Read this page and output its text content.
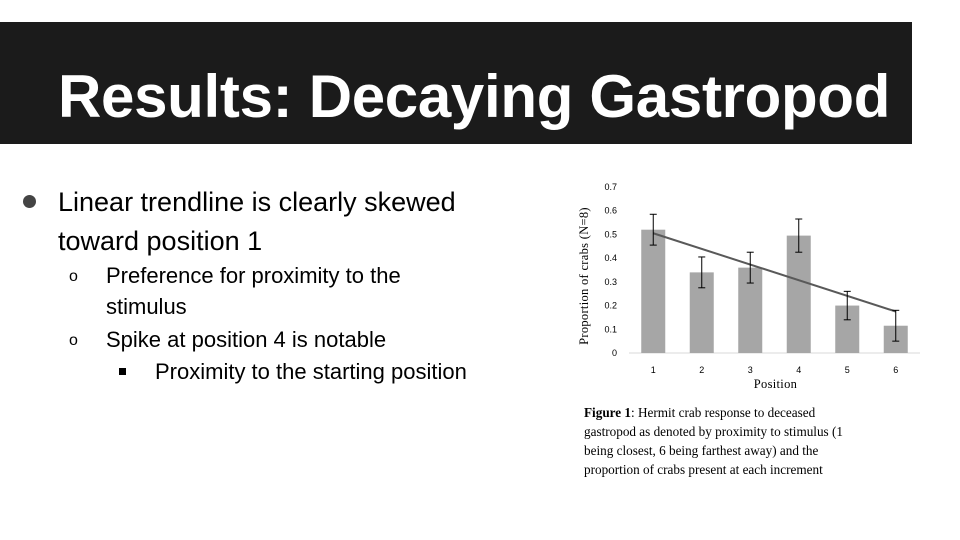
Results: Decaying Gastropod
Linear trendline is clearly skewed
toward position 1
o Preference for proximity to the
stimulus
o Spike at position 4 is notable
Proximity to the starting position
Proportion of crabs (N=8)
Position
0
0.1
0.2
0.3
0.4
0.5
0.6
0.7
1	2	3	4	5	6
Figure 1: Hermit crab response to deceased
gastropod as denoted by proximity to stimulus (1
being closest, 6 being farthest away) and the
proportion of crabs present at each increment
